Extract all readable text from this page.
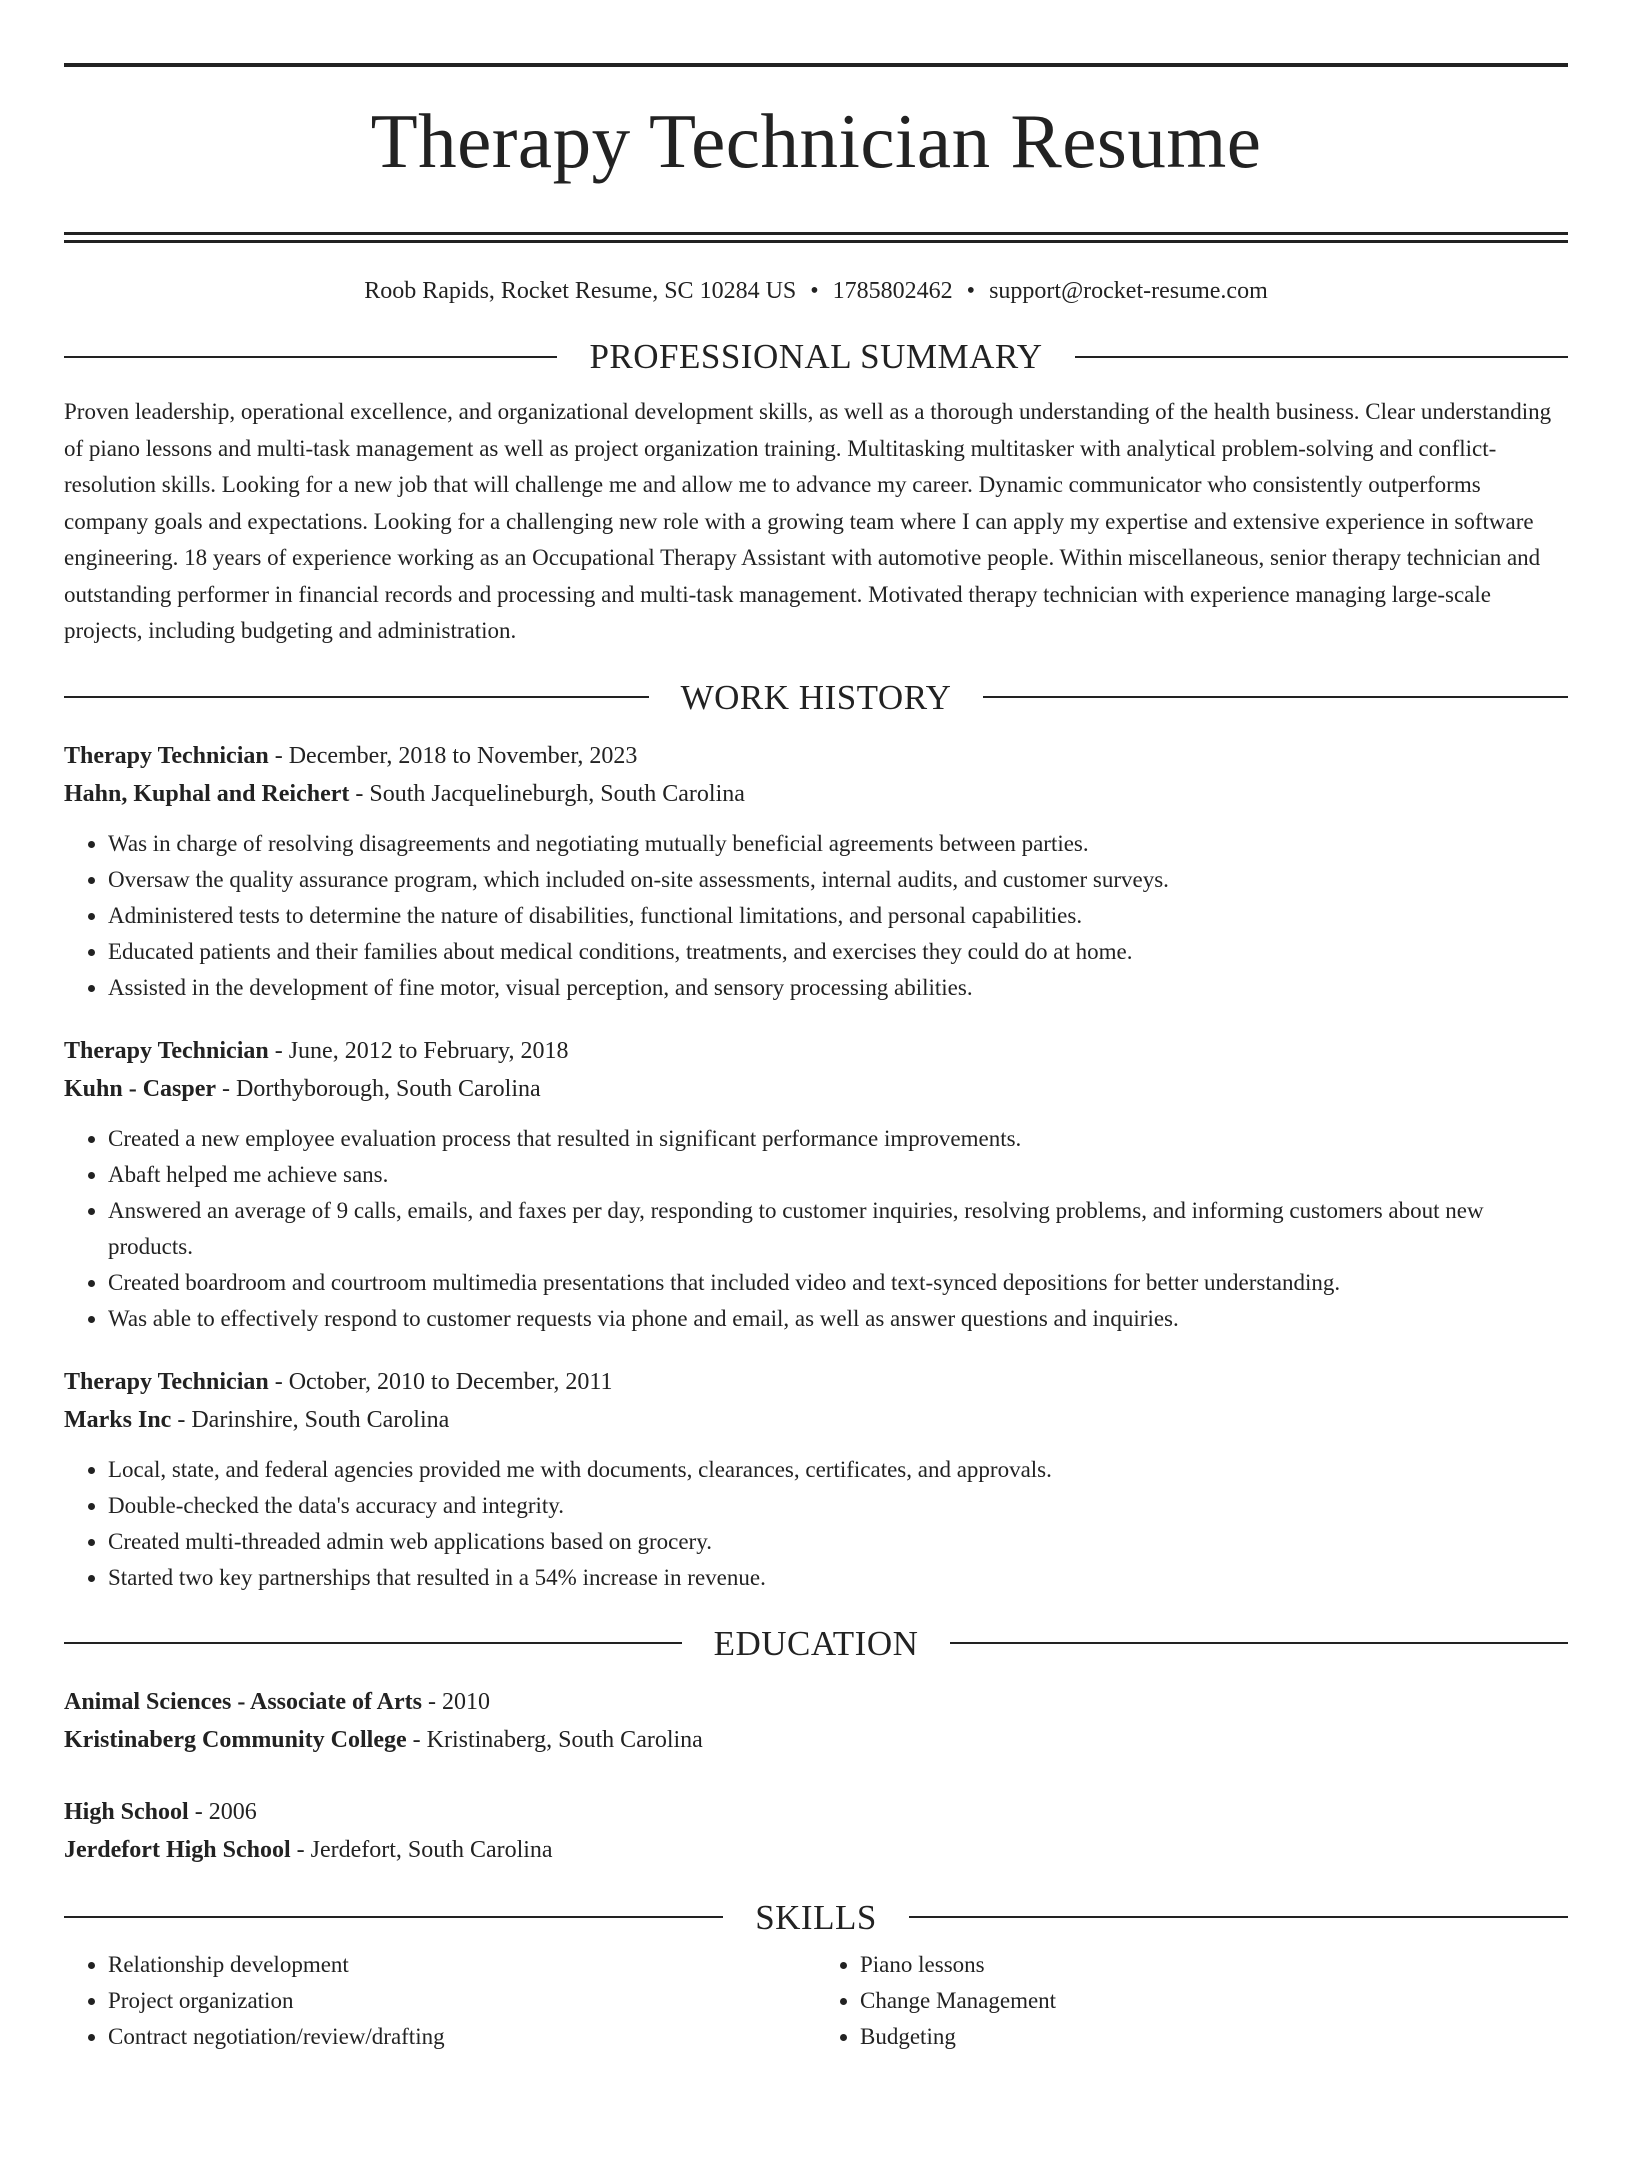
Therapy Technician Resume
Roob Rapids, Rocket Resume, SC 10284 US • 1785802462 • support@rocket-resume.com
PROFESSIONAL SUMMARY

Proven leadership, operational excellence, and organizational development skills, as well as a thorough understanding of the health business. Clear understanding of piano lessons and multi-task management as well as project organization training. Multitasking multitasker with analytical problem-solving and conflict-resolution skills. Looking for a new job that will challenge me and allow me to advance my career. Dynamic communicator who consistently outperforms company goals and expectations. Looking for a challenging new role with a growing team where I can apply my expertise and extensive experience in software engineering. 18 years of experience working as an Occupational Therapy Assistant with automotive people. Within miscellaneous, senior therapy technician and outstanding performer in financial records and processing and multi-task management. Motivated therapy technician with experience managing large-scale projects, including budgeting and administration.

WORK HISTORY
Therapy Technician - December, 2018 to November, 2023
Hahn, Kuphal and Reichert - South Jacquelineburgh, South Carolina
• Was in charge of resolving disagreements and negotiating mutually beneficial agreements between parties.
• Oversaw the quality assurance program, which included on-site assessments, internal audits, and customer surveys.
• Administered tests to determine the nature of disabilities, functional limitations, and personal capabilities.
• Educated patients and their families about medical conditions, treatments, and exercises they could do at home.
• Assisted in the development of fine motor, visual perception, and sensory processing abilities.
Therapy Technician - June, 2012 to February, 2018
Kuhn - Casper - Dorthyborough, South Carolina
• Created a new employee evaluation process that resulted in significant performance improvements.
• Abaft helped me achieve sans.
• Answered an average of 9 calls, emails, and faxes per day, responding to customer inquiries, resolving problems, and informing customers about new products.
• Created boardroom and courtroom multimedia presentations that included video and text-synced depositions for better understanding.
• Was able to effectively respond to customer requests via phone and email, as well as answer questions and inquiries.
Therapy Technician - October, 2010 to December, 2011
Marks Inc - Darinshire, South Carolina
• Local, state, and federal agencies provided me with documents, clearances, certificates, and approvals.
• Double-checked the data's accuracy and integrity.
• Created multi-threaded admin web applications based on grocery.
• Started two key partnerships that resulted in a 54% increase in revenue.
EDUCATION
Animal Sciences - Associate of Arts - 2010
Kristinaberg Community College - Kristinaberg, South Carolina
High School - 2006
Jerdefort High School - Jerdefort, South Carolina
SKILLS
• Relationship development
• Project organization
• Contract negotiation/review/drafting
• Piano lessons
• Change Management
• Budgeting
